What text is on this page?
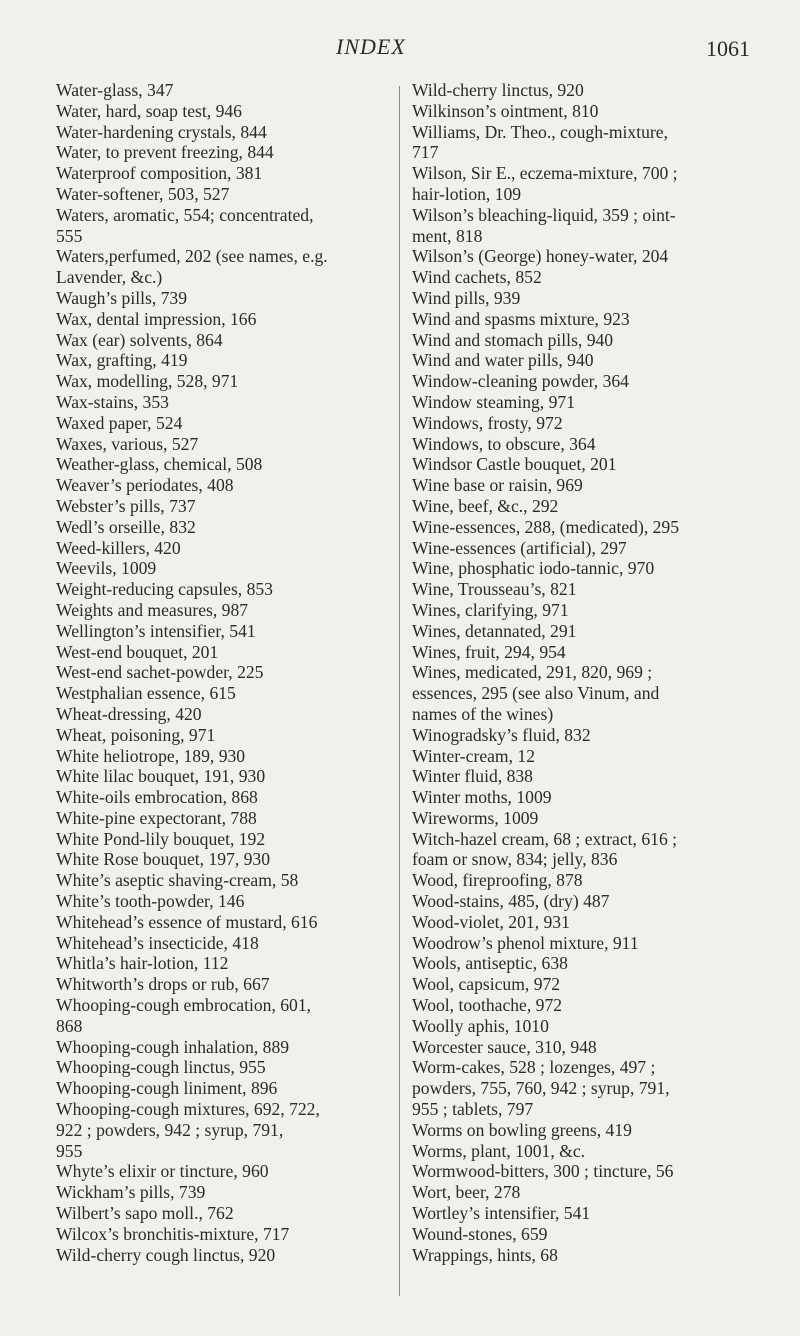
INDEX	1061
Water-glass, 347
Water, hard, soap test, 946
Water-hardening crystals, 844
Water, to prevent freezing, 844
Waterproof composition, 381
Water-softener, 503, 527
Waters, aromatic, 554; concentrated,
555
Waters,perfumed, 202 (see names, e.g.
Lavender, &c.)
Waugh’s pills, 739
Wax, dental impression, 166
Wax (ear) solvents, 864
Wax, grafting, 419
Wax, modelling, 528, 971
Wax-stains, 353
Waxed paper, 524
Waxes, various, 527
Weather-glass, chemical, 508
Weaver’s periodates, 408
Webster’s pills, 737
Wedl’s orseille, 832
Weed-killers, 420
Weevils, 1009
Weight-reducing capsules, 853
Weights and measures, 987
Wellington’s intensifier, 541
West-end bouquet, 201
West-end sachet-powder, 225
Westphalian essence, 615
Wheat-dressing, 420
Wheat, poisoning, 971
White heliotrope, 189, 930
White lilac bouquet, 191, 930
White-oils embrocation, 868
White-pine expectorant, 788
White Pond-lily bouquet, 192
White Rose bouquet, 197, 930
White’s aseptic shaving-cream, 58
White’s tooth-powder, 146
Whitehead’s essence of mustard, 616
Whitehead’s insecticide, 418
Whitla’s hair-lotion, 112
Whitworth’s drops or rub, 667
Whooping-cough embrocation, 601,
868
Whooping-cough inhalation, 889
Whooping-cough linctus, 955
Whooping-cough liniment, 896
Whooping-cough mixtures, 692, 722,
922 ; powders, 942 ; syrup, 791,
955
Whyte’s elixir or tincture, 960
Wickham’s pills, 739
Wilbert’s sapo moll., 762
Wilcox’s bronchitis-mixture, 717
Wild-cherry cough linctus, 920
Wild-cherry linctus, 920
Wilkinson’s ointment, 810
Williams, Dr. Theo., cough-mixture,
717
Wilson, Sir E., eczema-mixture, 700 ;
hair-lotion, 109
Wilson’s bleaching-liquid, 359 ; oint-
ment, 818
Wilson’s (George) honey-water, 204
Wind cachets, 852
Wind pills, 939
Wind and spasms mixture, 923
Wind and stomach pills, 940
Wind and water pills, 940
Window-cleaning powder, 364
Window steaming, 971
Windows, frosty, 972
Windows, to obscure, 364
Windsor Castle bouquet, 201
Wine base or raisin, 969
Wine, beef, &c., 292
Wine-essences, 288, (medicated), 295
Wine-essences (artificial), 297
Wine, phosphatic iodo-tannic, 970
Wine, Trousseau’s, 821
Wines, clarifying, 971
Wines, detannated, 291
Wines, fruit, 294, 954
Wines, medicated, 291, 820, 969 ;
essences, 295 (see also Vinum, and
names of the wines)
Winogradsky’s fluid, 832
Winter-cream, 12
Winter fluid, 838
Winter moths, 1009
Wireworms, 1009
Witch-hazel cream, 68 ; extract, 616 ;
foam or snow, 834; jelly, 836
Wood, fireproofing, 878
Wood-stains, 485, (dry) 487
Wood-violet, 201, 931
Woodrow’s phenol mixture, 911
Wools, antiseptic, 638
Wool, capsicum, 972
Wool, toothache, 972
Woolly aphis, 1010
Worcester sauce, 310, 948
Worm-cakes, 528 ; lozenges, 497 ;
powders, 755, 760, 942 ; syrup, 791,
955 ; tablets, 797
Worms on bowling greens, 419
Worms, plant, 1001, &c.
Wormwood-bitters, 300 ; tincture, 56
Wort, beer, 278
Wortley’s intensifier, 541
Wound-stones, 659
Wrappings, hints, 68
